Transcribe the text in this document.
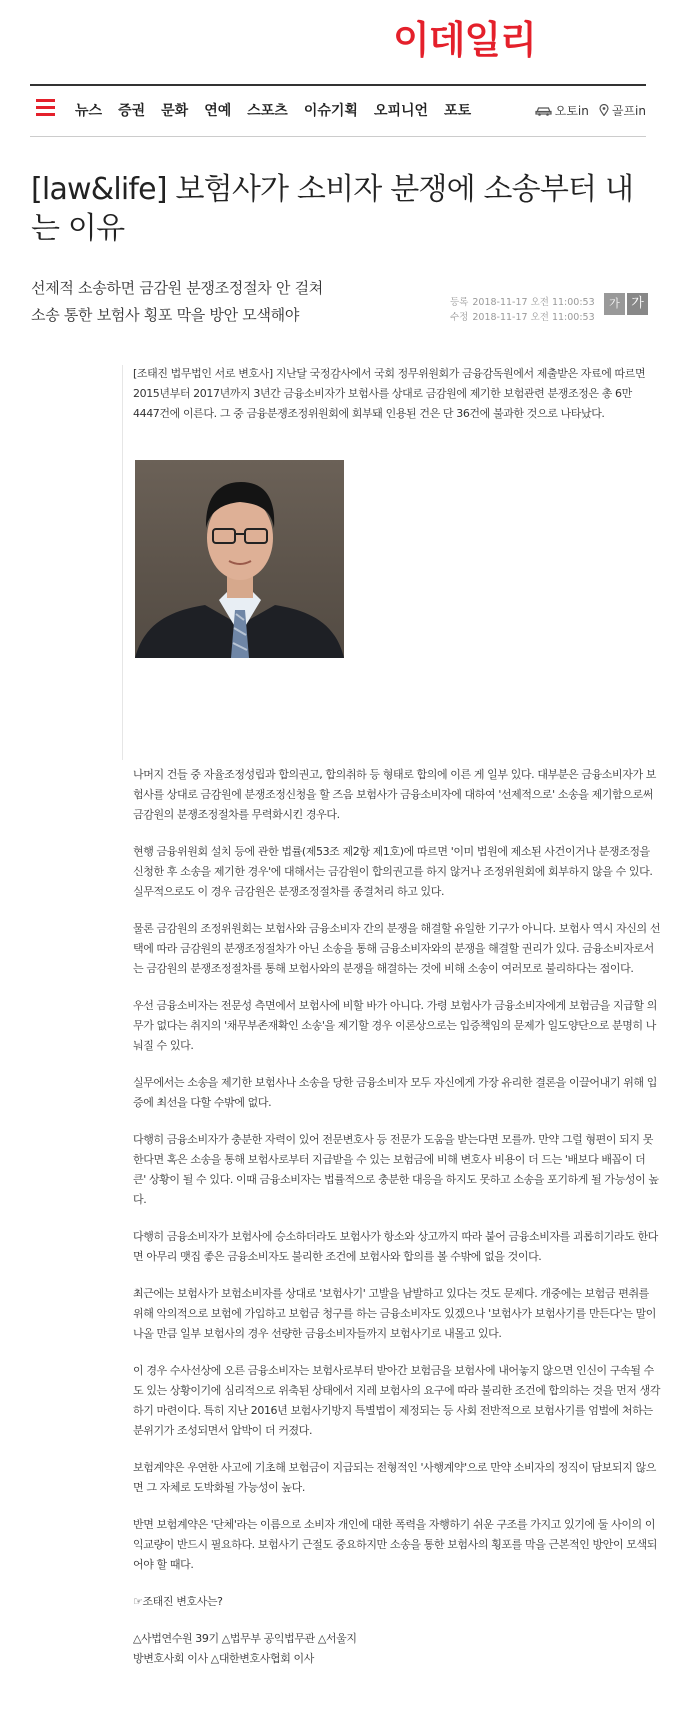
이데일리
뉴스 증권 문화 연예 스포츠 이슈기획 오피니언 포토	오토in 골프in
[law&life] 보험사가 소비자 분쟁에 소송부터 내는 이유
선제적 소송하면 금감원 분쟁조정절차 안 걸쳐
소송 통한 보험사 횡포 막을 방안 모색해야
등록 2018-11-17 오전 11:00:53
수정 2018-11-17 오전 11:00:53
가 가
[조태진 법무법인 서로 변호사] 지난달 국정감사에서 국회 정무위원회가 금융감독원에서 제출받은 자료에 따르면 2015년부터 2017년까지 3년간 금융소비자가 보험사를 상대로 금감원에 제기한 보험관련 분쟁조정은 총 6만 4447건에 이른다. 그 중 금융분쟁조정위원회에 회부돼 인용된 건은 단 36건에 불과한 것으로 나타났다.

나머지 건들 중 자율조정성립과 합의권고, 합의취하 등 형태로 합의에 이른 게 일부 있다. 대부분은 금융소비자가 보험사를 상대로 금감원에 분쟁조정신청을 할 즈음 보험사가 금융소비자에 대하여 '선제적으로' 소송을 제기함으로써 금감원의 분쟁조정절차를 무력화시킨 경우다.

현행 금융위원회 설치 등에 관한 법률(제53조 제2항 제1호)에 따르면 '이미 법원에 제소된 사건이거나 분쟁조정을 신청한 후 소송을 제기한 경우'에 대해서는 금감원이 합의권고를 하지 않거나 조정위원회에 회부하지 않을 수 있다. 실무적으로도 이 경우 금감원은 분쟁조정절차를 종결처리 하고 있다.

물론 금감원의 조정위원회는 보험사와 금융소비자 간의 분쟁을 해결할 유일한 기구가 아니다. 보험사 역시 자신의 선택에 따라 금감원의 분쟁조정절차가 아닌 소송을 통해 금융소비자와의 분쟁을 해결할 권리가 있다. 금융소비자로서는 금감원의 분쟁조정절차를 통해 보험사와의 분쟁을 해결하는 것에 비해 소송이 여러모로 불리하다는 점이다.

우선 금융소비자는 전문성 측면에서 보험사에 비할 바가 아니다. 가령 보험사가 금융소비자에게 보험금을 지급할 의무가 없다는 취지의 '채무부존재확인 소송'을 제기할 경우 이론상으로는 입증책임의 문제가 일도양단으로 분명히 나눠질 수 있다.

실무에서는 소송을 제기한 보험사나 소송을 당한 금융소비자 모두 자신에게 가장 유리한 결론을 이끌어내기 위해 입증에 최선을 다할 수밖에 없다.

다행히 금융소비자가 충분한 자력이 있어 전문변호사 등 전문가 도움을 받는다면 모를까. 만약 그럴 형편이 되지 못한다면 혹은 소송을 통해 보험사로부터 지급받을 수 있는 보험금에 비해 변호사 비용이 더 드는 '배보다 배꼽이 더 큰' 상황이 될 수 있다. 이때 금융소비자는 법률적으로 충분한 대응을 하지도 못하고 소송을 포기하게 될 가능성이 높다.

다행히 금융소비자가 보험사에 승소하더라도 보험사가 항소와 상고까지 따라 붙어 금융소비자를 괴롭히기라도 한다면 아무리 맷집 좋은 금융소비자도 불리한 조건에 보험사와 합의를 볼 수밖에 없을 것이다.

최근에는 보험사가 보험소비자를 상대로 '보험사기' 고발을 남발하고 있다는 것도 문제다. 개중에는 보험금 편취를 위해 악의적으로 보험에 가입하고 보험금 청구를 하는 금융소비자도 있겠으나 '보험사가 보험사기를 만든다'는 말이 나올 만큼 일부 보험사의 경우 선량한 금융소비자들까지 보험사기로 내몰고 있다.

이 경우 수사선상에 오른 금융소비자는 보험사로부터 받아간 보험금을 보험사에 내어놓지 않으면 인신이 구속될 수도 있는 상황이기에 심리적으로 위축된 상태에서 지레 보험사의 요구에 따라 불리한 조건에 합의하는 것을 먼저 생각하기 마련이다. 특히 지난 2016년 보험사기방지 특별법이 제정되는 등 사회 전반적으로 보험사기를 엄벌에 처하는 분위기가 조성되면서 압박이 더 커졌다.

보험계약은 우연한 사고에 기초해 보험금이 지급되는 전형적인 '사행계약'으로 만약 소비자의 정직이 담보되지 않으면 그 자체로 도박화될 가능성이 높다.

반면 보험계약은 '단체'라는 이름으로 소비자 개인에 대한 폭력을 자행하기 쉬운 구조를 가지고 있기에 둘 사이의 이익교량이 반드시 필요하다. 보험사기 근절도 중요하지만 소송을 통한 보험사의 횡포를 막을 근본적인 방안이 모색되어야 할 때다.

☞조태진 변호사는?

△사법연수원 39기 △법무부 공익법무관 △서울지

방변호사회 이사 △대한변호사협회 이사
